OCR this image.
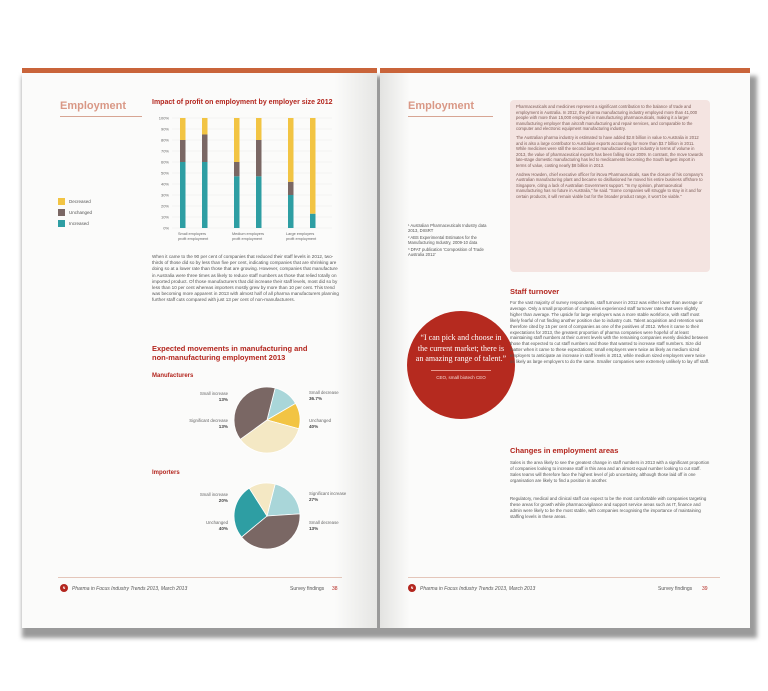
Employment	Impact of profit on employment by employer size 2012
Decreased
Unchanged
Increased
0%
10%
20%
30%
40%
50%
60%
70%
80%
90%
100%
Small employers
profit employment
Medium employers
profit employment
Large employers
profit employment
When it came to the 90 per cent of companies that reduced their staff levels in 2012, two-thirds of those did so by less than five per cent, indicating companies that are shrinking are doing so at a lower rate than those that are growing. However, companies that manufacture in Australia were three times as likely to reduce staff numbers as those that relied totally on imported product. Of those manufacturers that did increase their staff levels, most did so by less than 10 per cent whereas importers mostly grew by more than 10 per cent. This trend was becoming more apparent in 2013 with almost half of all pharma manufacturers planning further staff cuts compared with just 13 per cent of non-manufacturers.
Expected movements in manufacturing and
non-manufacturing employment 2013
Manufacturers
Small increase
13%
Significant decrease
13%
Small decrease
36.7%
Unchanged
40%
Importers
Small increase
20%
Unchanged
40%
Significant increase
27%
Small decrease
13%
N	Pharma in Focus Industry Trends 2013, March 2013	Survey findings 38
Employment	Pharmaceuticals and medicines represent a significant contribution to the balance of trade and employment in Australia. In 2012, the pharma manufacturing industry employed more than 41,000 people with more than 15,000 employed in manufacturing pharmaceuticals, making it a larger manufacturing employer than aircraft manufacturing and repair services, and comparable to the computer and electronic equipment manufacturing industry.
The Australian pharma industry is estimated to have added $2.8 billion in value to Australia in 2012 and is also a large contributor to Australian exports accounting for more than $3.7 billion in 2011. While medicines were still the second largest manufactured export industry in terms of volume in 2013, the value of pharmaceutical exports has been falling since 2009. In contrast, the move towards late-stage domestic manufacturing has led to medicaments becoming the South largest import in terms of value, costing nearly $8 billion in 2013.
Andrew Howden, chief executive officer for iNova Pharmaceuticals, saw the closure of his company's Australian manufacturing plant and became so disillusioned he moved his entire business offshore to Singapore, citing a lack of Australian Government support. "In my opinion, pharmaceutical manufacturing has no future in Australia," he said. "Some companies will struggle to stay in it and for certain products, it will remain viable but for the broader product range, it won't be viable."
¹ Australian Pharmaceuticals Industry data 2013, DIISRT
² ABS Experimental Estimates for the Manufacturing Industry, 2009-10 data
³ DFAT publication 'Composition of Trade Australia 2012'
“I can pick and choose in the current market; there is an amazing range of talent.”
CEO, small biotech CEO
Staff turnover
For the vast majority of survey respondents, staff turnover in 2012 was either lower than average or average. Only a small proportion of companies experienced staff turnover rates that were slightly higher than average. The upside for large employers was a more stable workforce, with staff most likely fearful of not finding another position due to industry cuts. Talent acquisition and retention was therefore cited by 15 per cent of companies as one of the positives of 2012. When it came to their expectations for 2013, the greatest proportion of pharma companies were hopeful of at least maintaining staff numbers at their current levels with the remaining companies evenly divided between those that expected to cut staff numbers and those that wanted to increase staff numbers. Size did matter when it came to these expectations; small employers were twice as likely as medium sized employers to anticipate an increase in staff levels in 2013, while medium sized employers were twice as likely as large employers to do the same. Smaller companies were extremely unlikely to lay off staff.
Changes in employment areas
Sales is the area likely to see the greatest change in staff numbers in 2013 with a significant proportion of companies looking to increase staff in this area and an almost equal number looking to cut staff. Sales teams will therefore face the highest level of job uncertainty, although those laid off in one organisation are likely to find a position in another.
Regulatory, medical and clinical staff can expect to be the most comfortable with companies targeting these areas for growth while pharmacovigilance and support service areas such as IT, finance and admin were likely to be the most stable, with companies recognising the importance of maintaining staffing levels in these areas.
N	Pharma in Focus Industry Trends 2013, March 2013	Survey findings 39
